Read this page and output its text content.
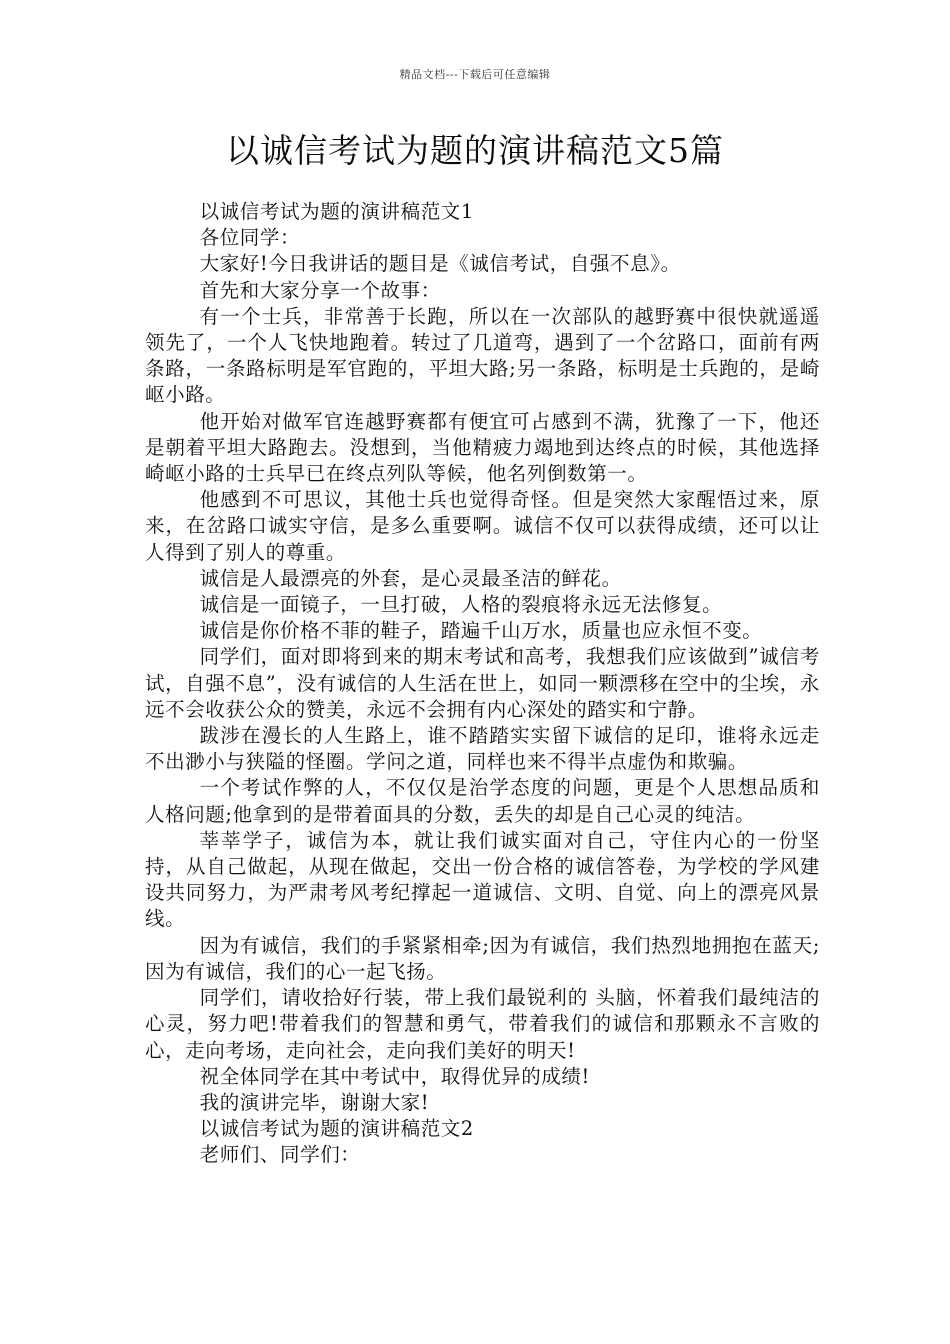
精品文档---下载后可任意编辑
以诚信考试为题的演讲稿范文5篇

以诚信考试为题的演讲稿范文1

各位同学：

大家好!今日我讲话的题目是《诚信考试，自强不息》。

首先和大家分享一个故事：

有一个士兵，非常善于长跑，所以在一次部队的越野赛中很快就遥遥领先了，一个人飞快地跑着。转过了几道弯，遇到了一个岔路口，面前有两条路，一条路标明是军官跑的，平坦大路;另一条路，标明是士兵跑的，是崎岖小路。

他开始对做军官连越野赛都有便宜可占感到不满，犹豫了一下，他还是朝着平坦大路跑去。没想到，当他精疲力竭地到达终点的时候，其他选择崎岖小路的士兵早已在终点列队等候，他名列倒数第一。

他感到不可思议，其他士兵也觉得奇怪。但是突然大家醒悟过来，原来，在岔路口诚实守信，是多么重要啊。诚信不仅可以获得成绩，还可以让人得到了别人的尊重。

诚信是人最漂亮的外套，是心灵最圣洁的鲜花。

诚信是一面镜子，一旦打破，人格的裂痕将永远无法修复。

诚信是你价格不菲的鞋子，踏遍千山万水，质量也应永恒不变。

同学们，面对即将到来的期末考试和高考，我想我们应该做到”诚信考试，自强不息”，没有诚信的人生活在世上，如同一颗漂移在空中的尘埃，永远不会收获公众的赞美，永远不会拥有内心深处的踏实和宁静。

跋涉在漫长的人生路上，谁不踏踏实实留下诚信的足印，谁将永远走不出渺小与狭隘的怪圈。学问之道，同样也来不得半点虚伪和欺骗。

一个考试作弊的人，不仅仅是治学态度的问题，更是个人思想品质和人格问题;他拿到的是带着面具的分数，丢失的却是自己心灵的纯洁。

莘莘学子，诚信为本，就让我们诚实面对自己，守住内心的一份坚持，从自己做起，从现在做起，交出一份合格的诚信答卷，为学校的学风建设共同努力，为严肃考风考纪撑起一道诚信、文明、自觉、向上的漂亮风景线。

因为有诚信，我们的手紧紧相牵;因为有诚信，我们热烈地拥抱在蓝天;因为有诚信，我们的心一起飞扬。

同学们，请收拾好行装，带上我们最锐利的 头脑，怀着我们最纯洁的心灵，努力吧!带着我们的智慧和勇气，带着我们的诚信和那颗永不言败的心，走向考场，走向社会，走向我们美好的明天!

祝全体同学在其中考试中，取得优异的成绩!

我的演讲完毕，谢谢大家!

以诚信考试为题的演讲稿范文2

老师们、同学们：
